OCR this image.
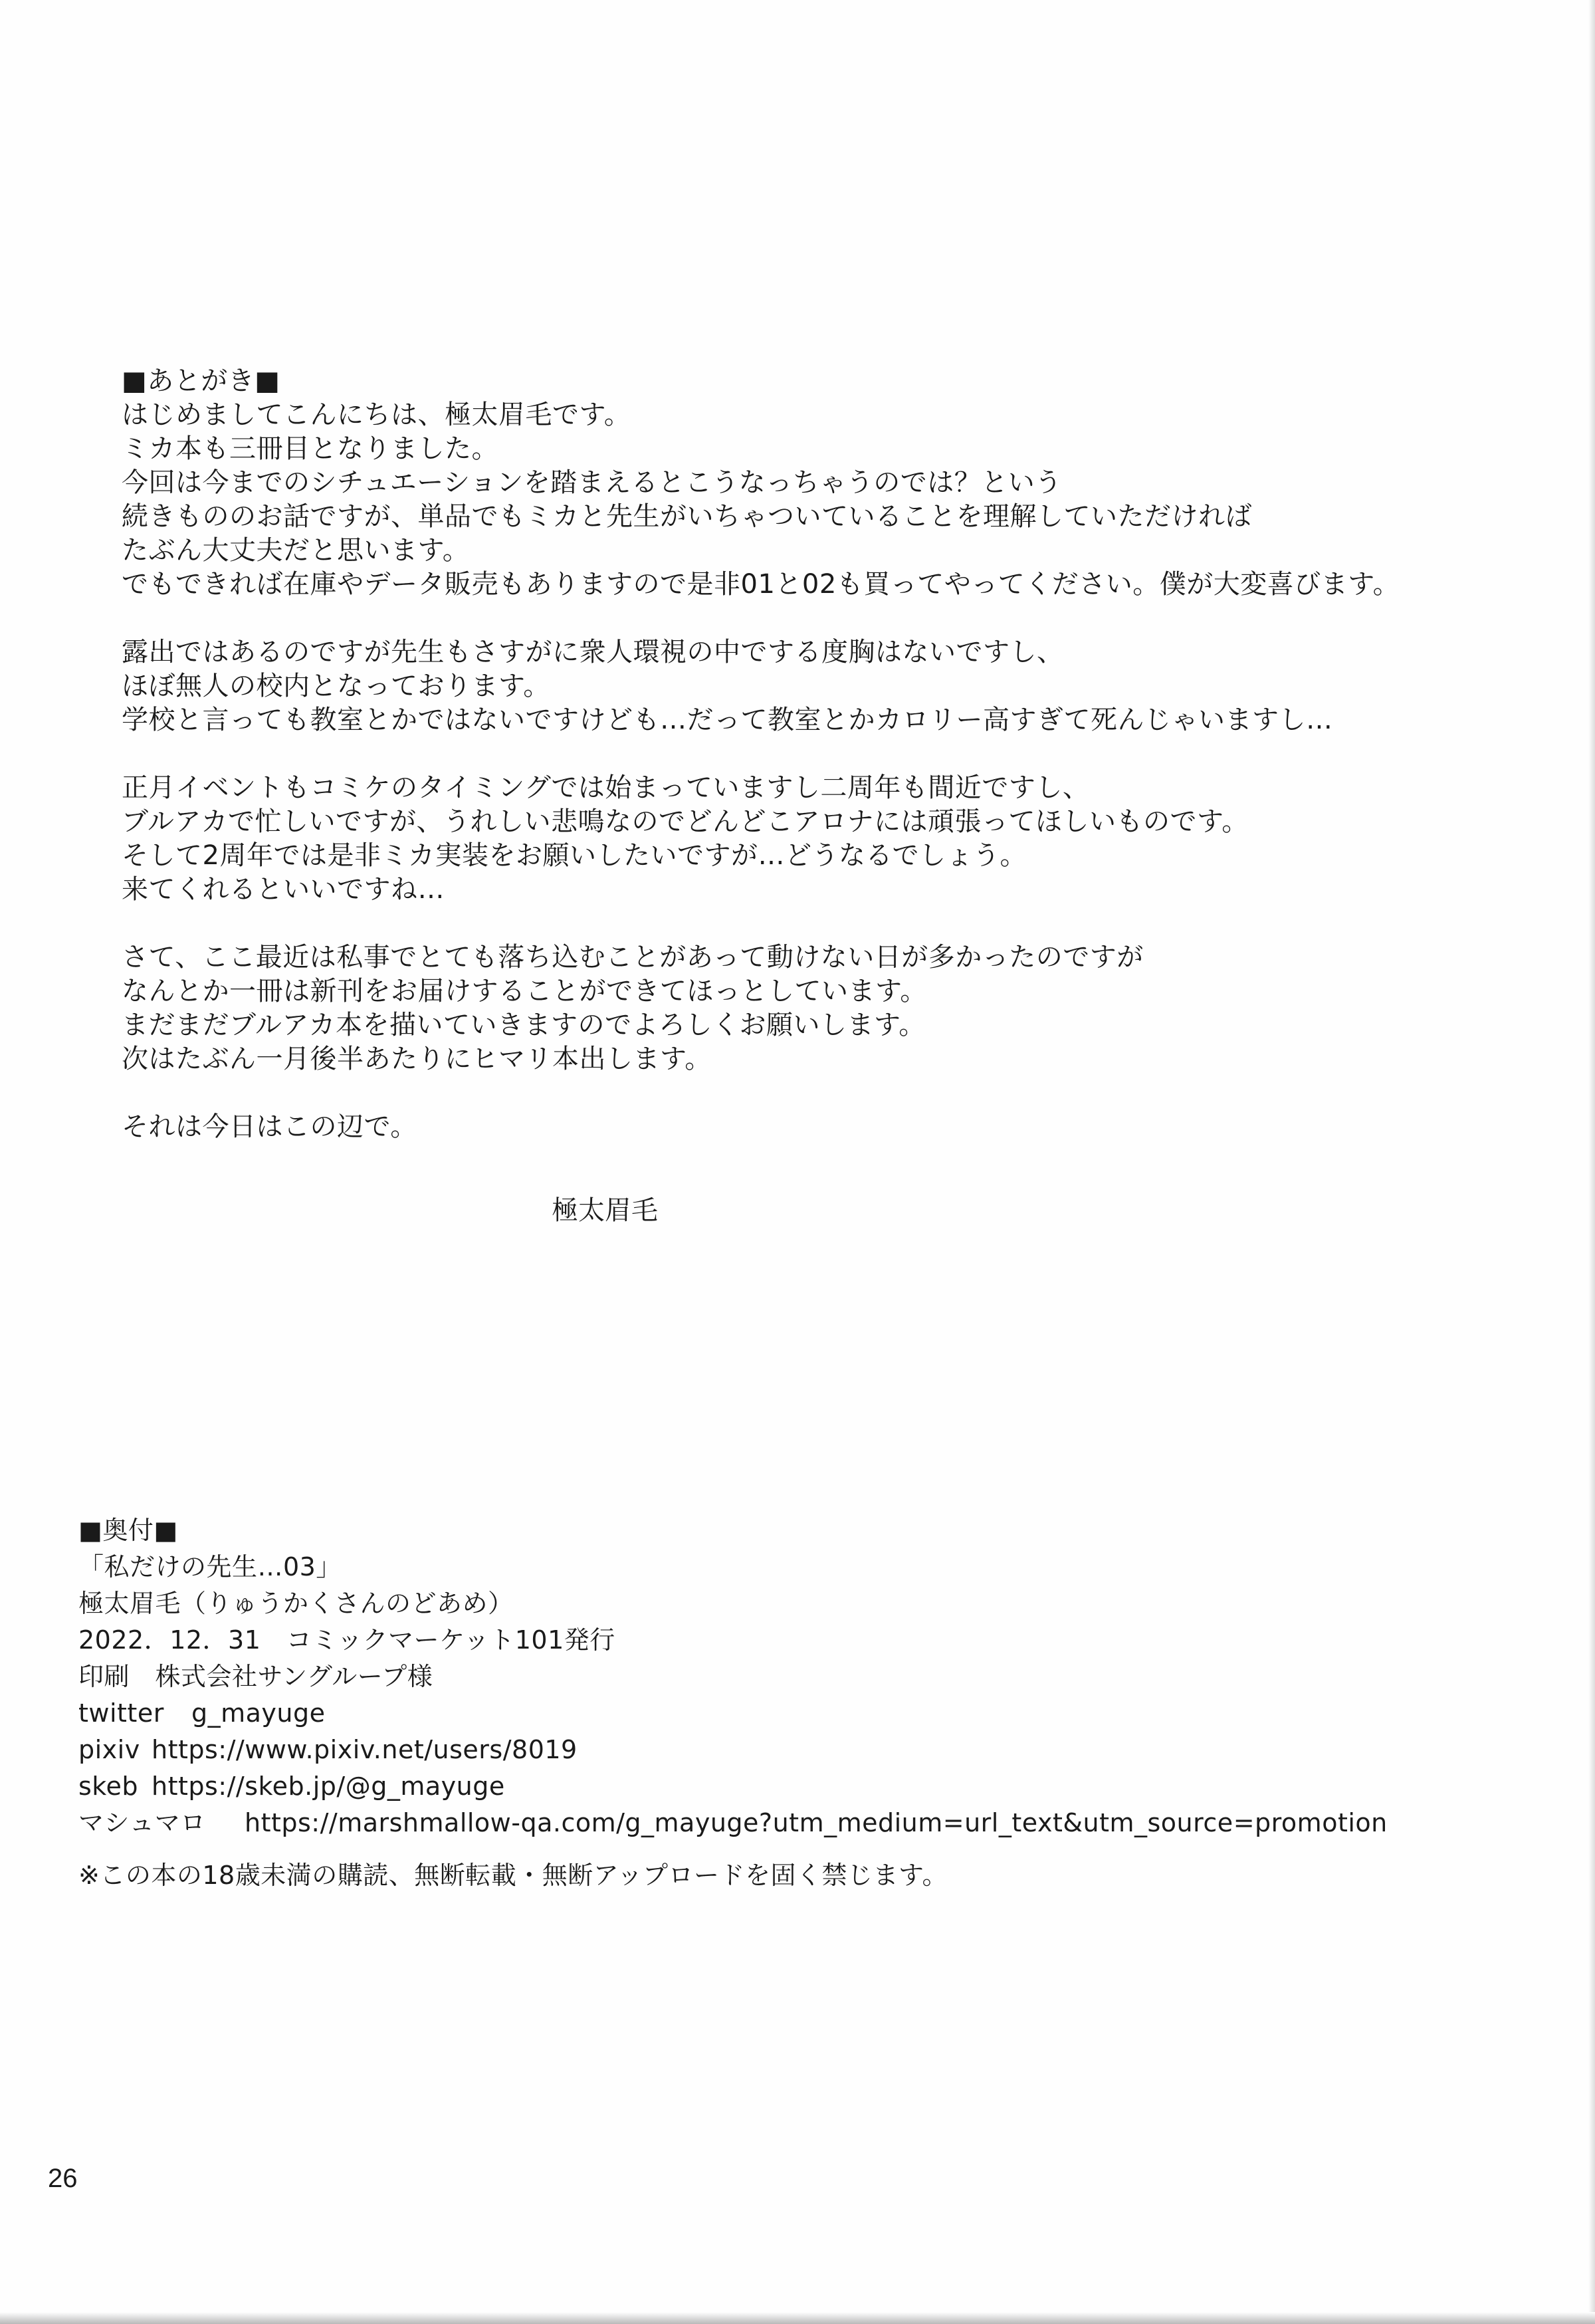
■あとがき■
はじめましてこんにちは、極太眉毛です。
ミカ本も三冊目となりました。
今回は今までのシチュエーションを踏まえるとこうなっちゃうのでは？という
続きもののお話ですが、単品でもミカと先生がいちゃついていることを理解していただければ
たぶん大丈夫だと思います。
でもできれば在庫やデータ販売もありますので是非01と02も買ってやってください。僕が大変喜びます。
露出ではあるのですが先生もさすがに衆人環視の中でする度胸はないですし、
ほぼ無人の校内となっております。
学校と言っても教室とかではないですけども…だって教室とかカロリー高すぎて死んじゃいますし…
正月イベントもコミケのタイミングでは始まっていますし二周年も間近ですし、
ブルアカで忙しいですが、うれしい悲鳴なのでどんどこアロナには頑張ってほしいものです。
そして2周年では是非ミカ実装をお願いしたいですが…どうなるでしょう。
来てくれるといいですね…
さて、ここ最近は私事でとても落ち込むことがあって動けない日が多かったのですが
なんとか一冊は新刊をお届けすることができてほっとしています。
まだまだブルアカ本を描いていきますのでよろしくお願いします。
次はたぶん一月後半あたりにヒマリ本出します。
それは今日はこの辺で。
極太眉毛
■奥付■
「私だけの先生…03」
極太眉毛（りゅうかくさんのどあめ）
2022．12．31　コミックマーケット101発行
印刷　株式会社サングループ様
twitter g_mayuge
pixiv https://www.pixiv.net/users/8019
skeb https://skeb.jp/@g_mayuge
マシュマロ https://marshmallow-qa.com/g_mayuge?utm_medium=url_text&utm_source=promotion
※この本の18歳未満の購読、無断転載・無断アップロードを固く禁じます。
26
